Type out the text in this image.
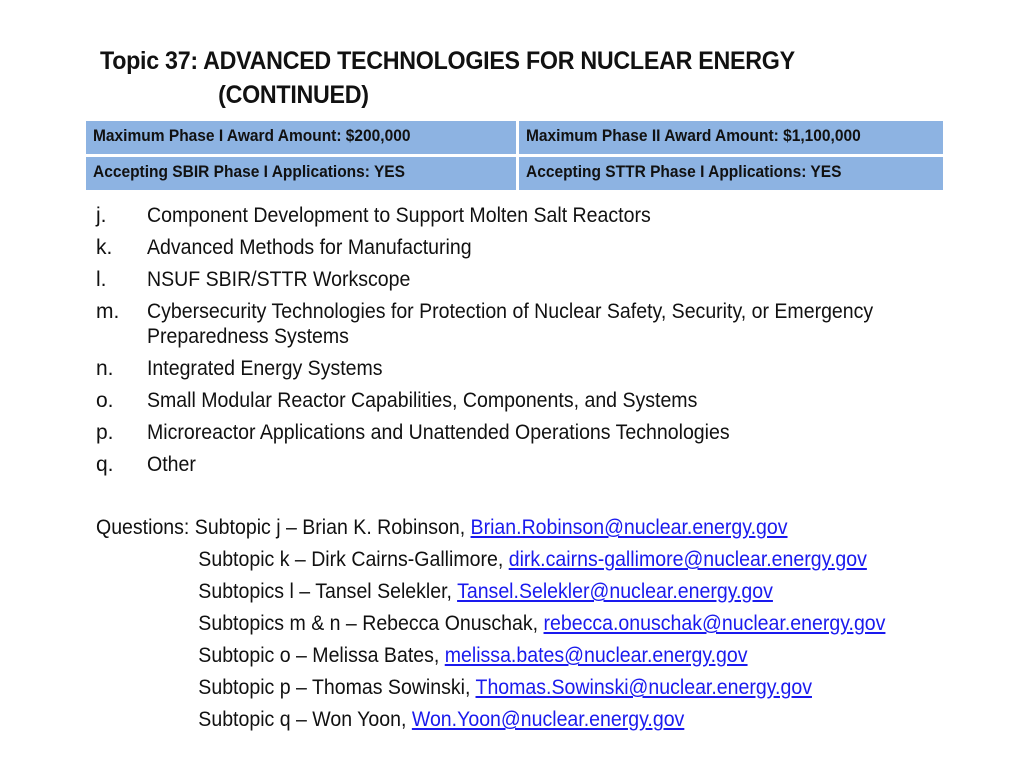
Topic 37: ADVANCED TECHNOLOGIES FOR NUCLEAR ENERGY
(CONTINUED)
Maximum Phase I Award Amount: $200,000	Maximum Phase II Award Amount: $1,100,000
Accepting SBIR Phase I Applications: YES	Accepting STTR Phase I Applications: YES
j.	Component Development to Support Molten Salt Reactors
k.	Advanced Methods for Manufacturing
l.	NSUF SBIR/STTR Workscope
m.	Cybersecurity Technologies for Protection of Nuclear Safety, Security, or Emergency Preparedness Systems
n.	Integrated Energy Systems
o.	Small Modular Reactor Capabilities, Components, and Systems
p.	Microreactor Applications and Unattended Operations Technologies
q.	Other
Questions: Subtopic j – Brian K. Robinson, Brian.Robinson@nuclear.energy.gov
Subtopic k – Dirk Cairns-Gallimore, dirk.cairns-gallimore@nuclear.energy.gov
Subtopics l – Tansel Selekler, Tansel.Selekler@nuclear.energy.gov
Subtopics m & n – Rebecca Onuschak, rebecca.onuschak@nuclear.energy.gov
Subtopic o – Melissa Bates, melissa.bates@nuclear.energy.gov
Subtopic p – Thomas Sowinski, Thomas.Sowinski@nuclear.energy.gov
Subtopic q – Won Yoon, Won.Yoon@nuclear.energy.gov
